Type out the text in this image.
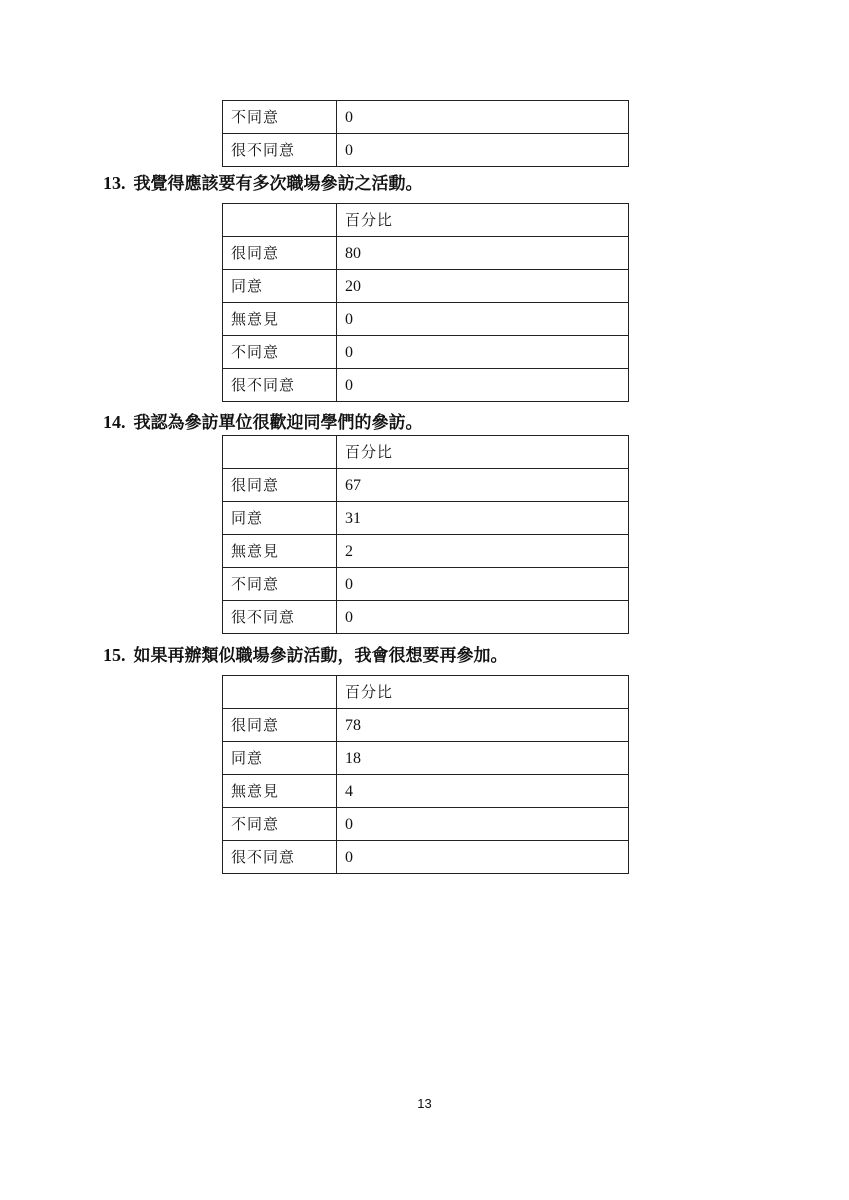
不同意	0
很不同意	0
13. 我覺得應該要有多次職場參訪之活動。
	百分比
很同意	80
同意	20
無意見	0
不同意	0
很不同意	0
14. 我認為參訪單位很歡迎同學們的參訪。
	百分比
很同意	67
同意	31
無意見	2
不同意	0
很不同意	0
15. 如果再辦類似職場參訪活動，我會很想要再參加。
	百分比
很同意	78
同意	18
無意見	4
不同意	0
很不同意	0
13
